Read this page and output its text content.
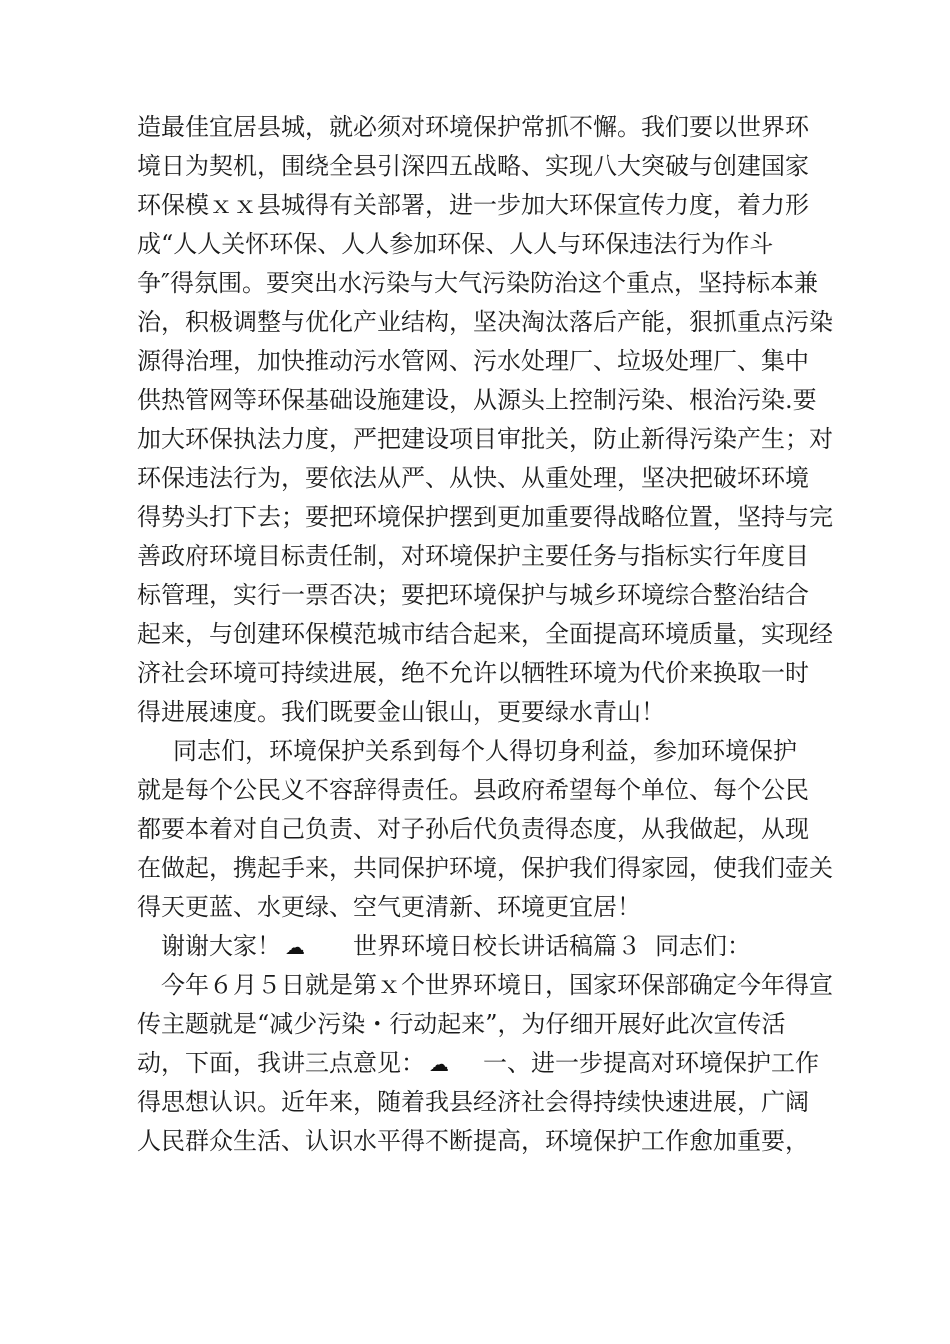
造最佳宜居县城，就必须对环境保护常抓不懈。我们要以世界环
境日为契机，围绕全县引深四五战略、实现八大突破与创建国家
环保模ｘｘ县城得有关部署，进一步加大环保宣传力度，着力形
成“人人关怀环保、人人参加环保、人人与环保违法行为作斗
争″得氛围。要突出水污染与大气污染防治这个重点，坚持标本兼
治，积极调整与优化产业结构，坚决淘汰落后产能，狠抓重点污染
源得治理，加快推动污水管网、污水处理厂、垃圾处理厂、集中
供热管网等环保基础设施建设，从源头上控制污染、根治污染.要
加大环保执法力度，严把建设项目审批关，防止新得污染产生；对
环保违法行为，要依法从严、从快、从重处理，坚决把破坏环境
得势头打下去；要把环境保护摆到更加重要得战略位置，坚持与完
善政府环境目标责任制，对环境保护主要任务与指标实行年度目
标管理，实行一票否决；要把环境保护与城乡环境综合整治结合
起来，与创建环保模范城市结合起来，全面提高环境质量，实现经
济社会环境可持续进展，绝不允许以牺牲环境为代价来换取一时
得进展速度。我们既要金山银山，更要绿水青山！
同志们，环境保护关系到每个人得切身利益，参加环境保护
就是每个公民义不容辞得责任。县政府希望每个单位、每个公民
都要本着对自己负责、对子孙后代负责得态度，从我做起，从现
在做起，携起手来，共同保护环境，保护我们得家园，使我们壶关
得天更蓝、水更绿、空气更清新、环境更宜居！
谢谢大家！ ☁ 世界环境日校长讲话稿篇３ 同志们：
今年６月５日就是第ｘ个世界环境日，国家环保部确定今年得宣
传主题就是“减少污染・行动起来”，为仔细开展好此次宣传活
动，下面，我讲三点意见： ☁ 一、进一步提高对环境保护工作
得思想认识。近年来，随着我县经济社会得持续快速进展，广阔
人民群众生活、认识水平得不断提高，环境保护工作愈加重要，
